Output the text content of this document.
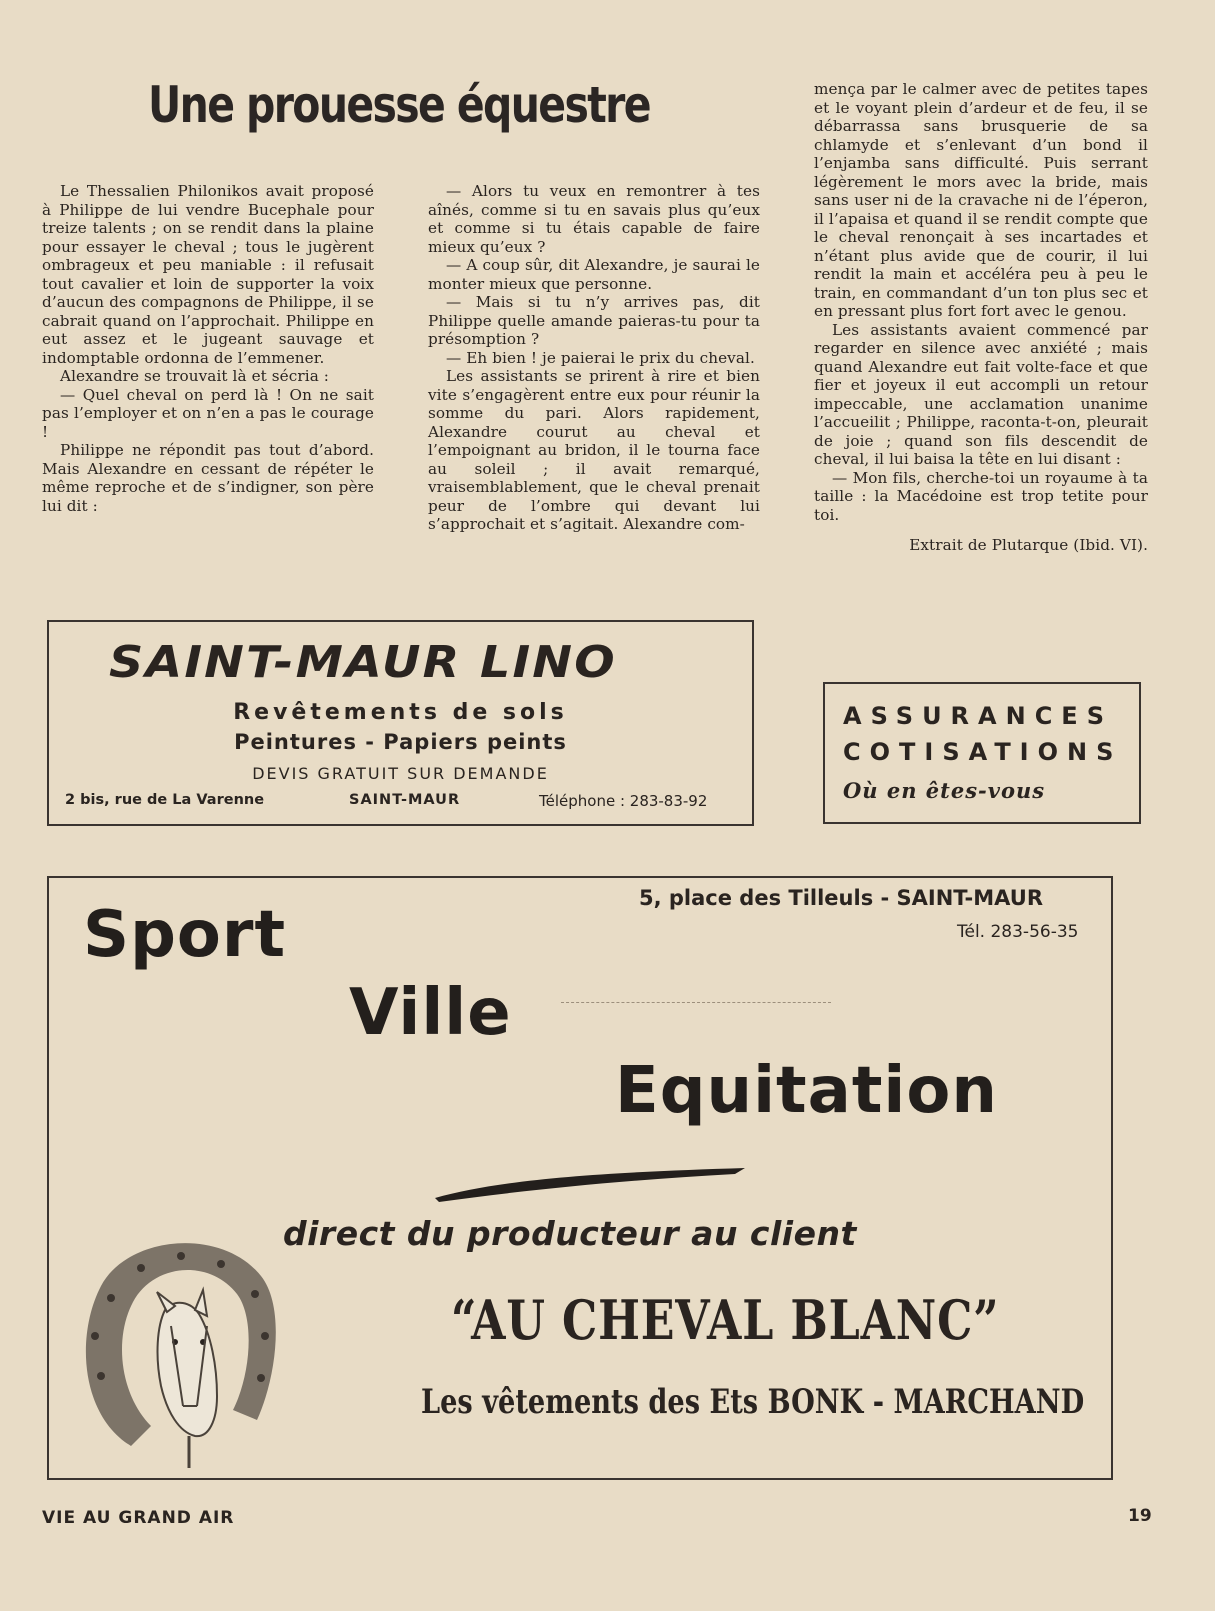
Une prouesse équestre

Le Thessalien Philonikos avait proposé à Philippe de lui vendre Bucephale pour treize talents ; on se rendit dans la plaine pour essayer le cheval ; tous le jugèrent ombrageux et peu maniable : il refusait tout cavalier et loin de supporter la voix d’aucun des compagnons de Philippe, il se cabrait quand on l’approchait. Philippe en eut assez et le jugeant sauvage et indomptable ordonna de l’emmener.

Alexandre se trouvait là et sécria :

— Quel cheval on perd là ! On ne sait pas l’employer et on n’en a pas le courage !

Philippe ne répondit pas tout d’abord. Mais Alexandre en cessant de répéter le même reproche et de s’indigner, son père lui dit :

— Alors tu veux en remontrer à tes aînés, comme si tu en savais plus qu’eux et comme si tu étais capable de faire mieux qu’eux ?

— A coup sûr, dit Alexandre, je saurai le monter mieux que personne.

— Mais si tu n’y arrives pas, dit Philippe quelle amande paieras-tu pour ta présomption ?

— Eh bien ! je paierai le prix du cheval.

Les assistants se prirent à rire et bien vite s’engagèrent entre eux pour réunir la somme du pari. Alors rapidement, Alexandre courut au cheval et l’empoignant au bridon, il le tourna face au soleil ; il avait remarqué, vraisemblablement, que le cheval prenait peur de l’ombre qui devant lui s’approchait et s’agitait. Alexandre com-

mença par le calmer avec de petites tapes et le voyant plein d’ardeur et de feu, il se débarrassa sans brusquerie de sa chlamyde et s’enlevant d’un bond il l’enjamba sans difficulté. Puis serrant légèrement le mors avec la bride, mais sans user ni de la cravache ni de l’éperon, il l’apaisa et quand il se rendit compte que le cheval renonçait à ses incartades et n’étant plus avide que de courir, il lui rendit la main et accéléra peu à peu le train, en commandant d’un ton plus sec et en pressant plus fort fort avec le genou.

Les assistants avaient commencé par regarder en silence avec anxiété ; mais quand Alexandre eut fait volte-face et que fier et joyeux il eut accompli un retour impeccable, une acclamation unanime l’accueilit ; Philippe, raconta-t-on, pleurait de joie ; quand son fils descendit de cheval, il lui baisa la tête en lui disant :

— Mon fils, cherche-toi un royaume à ta taille : la Macédoine est trop tetite pour toi.

Extrait de Plutarque (Ibid. VI).

SAINT-MAUR LINO
Revêtements de sols
Peintures - Papiers peints
DEVIS GRATUIT SUR DEMANDE
2 bis, rue de La Varenne	SAINT-MAUR	Téléphone : 283-83-92
ASSURANCES
COTISATIONS
Où en êtes-vous
Sport
Ville
Equitation
5, place des Tilleuls - SAINT-MAUR
Tél. 283-56-35
direct du producteur au client
“AU CHEVAL BLANC”
Les vêtements des Ets BONK - MARCHAND
VIE AU GRAND AIR	19
